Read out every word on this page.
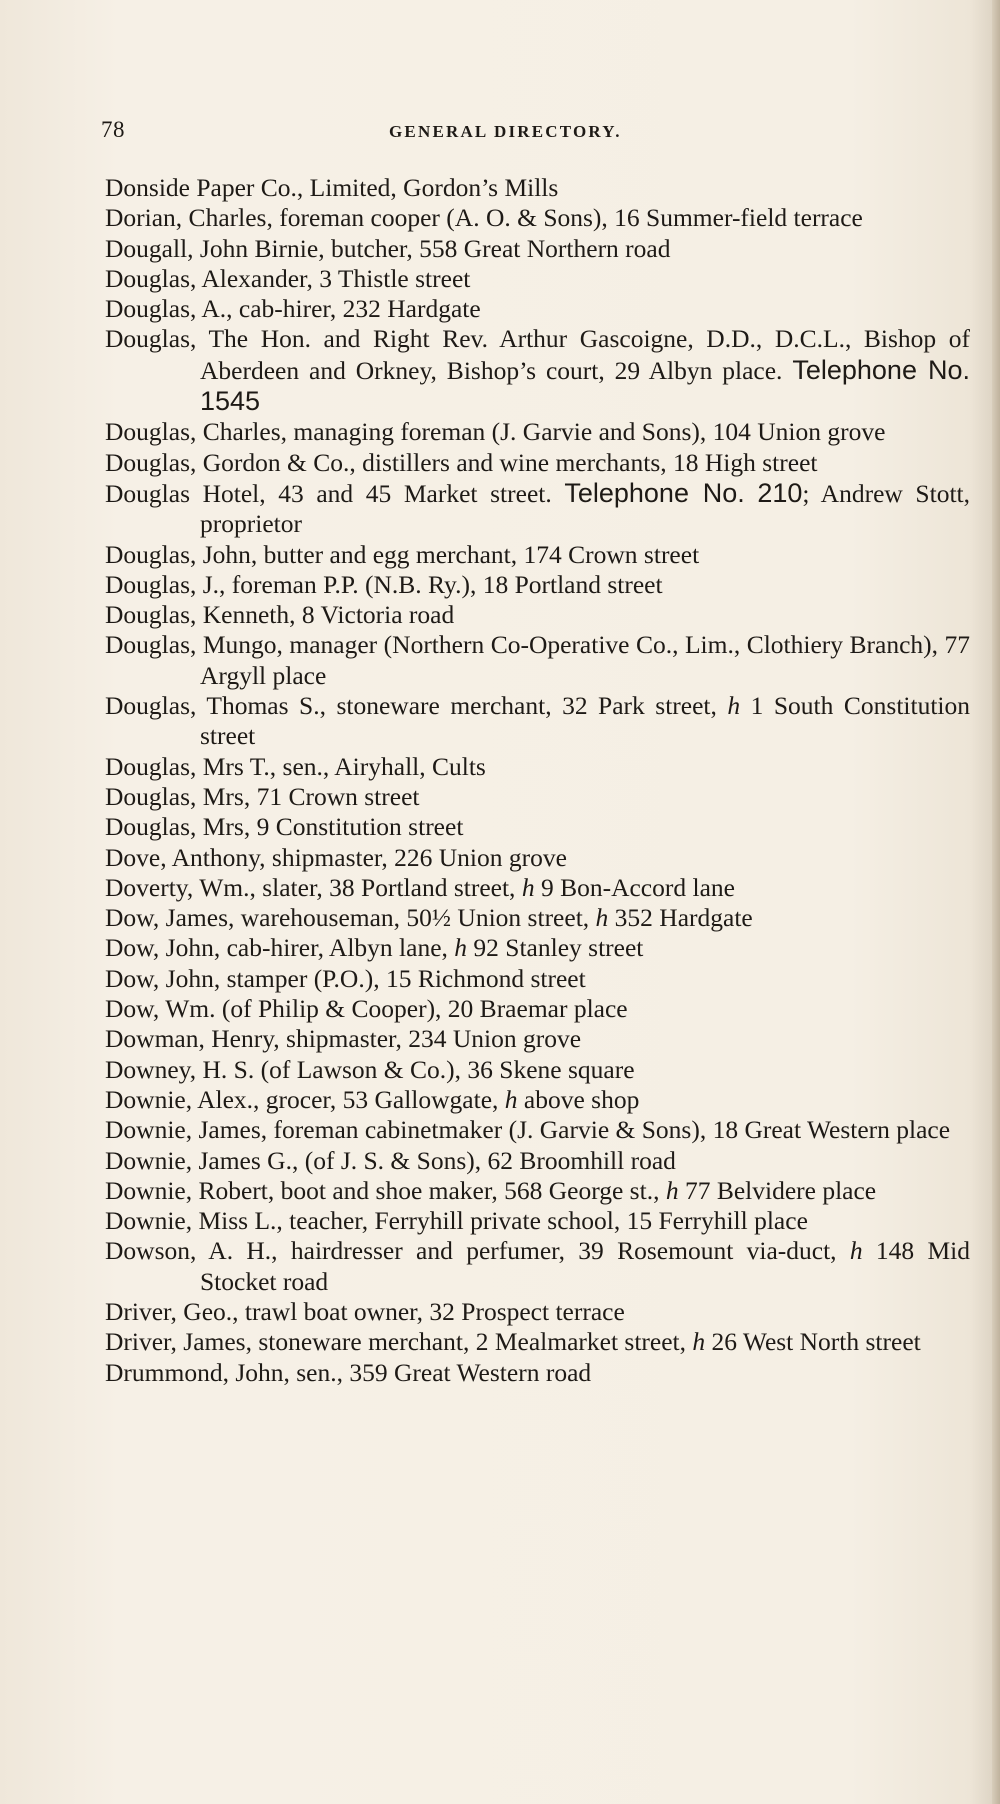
78	GENERAL DIRECTORY.
Donside Paper Co., Limited, Gordon’s Mills
Dorian, Charles, foreman cooper (A. O. & Sons), 16 Summer-field terrace
Dougall, John Birnie, butcher, 558 Great Northern road
Douglas, Alexander, 3 Thistle street
Douglas, A., cab-hirer, 232 Hardgate
Douglas, The Hon. and Right Rev. Arthur Gascoigne, D.D., D.C.L., Bishop of Aberdeen and Orkney, Bishop’s court, 29 Albyn place. Telephone No. 1545
Douglas, Charles, managing foreman (J. Garvie and Sons), 104 Union grove
Douglas, Gordon & Co., distillers and wine merchants, 18 High street
Douglas Hotel, 43 and 45 Market street. Telephone No. 210; Andrew Stott, proprietor
Douglas, John, butter and egg merchant, 174 Crown street
Douglas, J., foreman P.P. (N.B. Ry.), 18 Portland street
Douglas, Kenneth, 8 Victoria road
Douglas, Mungo, manager (Northern Co-Operative Co., Lim., Clothiery Branch), 77 Argyll place
Douglas, Thomas S., stoneware merchant, 32 Park street, h 1 South Constitution street
Douglas, Mrs T., sen., Airyhall, Cults
Douglas, Mrs, 71 Crown street
Douglas, Mrs, 9 Constitution street
Dove, Anthony, shipmaster, 226 Union grove
Doverty, Wm., slater, 38 Portland street, h 9 Bon-Accord lane
Dow, James, warehouseman, 50½ Union street, h 352 Hardgate
Dow, John, cab-hirer, Albyn lane, h 92 Stanley street
Dow, John, stamper (P.O.), 15 Richmond street
Dow, Wm. (of Philip & Cooper), 20 Braemar place
Dowman, Henry, shipmaster, 234 Union grove
Downey, H. S. (of Lawson & Co.), 36 Skene square
Downie, Alex., grocer, 53 Gallowgate, h above shop
Downie, James, foreman cabinetmaker (J. Garvie & Sons), 18 Great Western place
Downie, James G., (of J. S. & Sons), 62 Broomhill road
Downie, Robert, boot and shoe maker, 568 George st., h 77 Belvidere place
Downie, Miss L., teacher, Ferryhill private school, 15 Ferryhill place
Dowson, A. H., hairdresser and perfumer, 39 Rosemount via-duct, h 148 Mid Stocket road
Driver, Geo., trawl boat owner, 32 Prospect terrace
Driver, James, stoneware merchant, 2 Mealmarket street, h 26 West North street
Drummond, John, sen., 359 Great Western road
